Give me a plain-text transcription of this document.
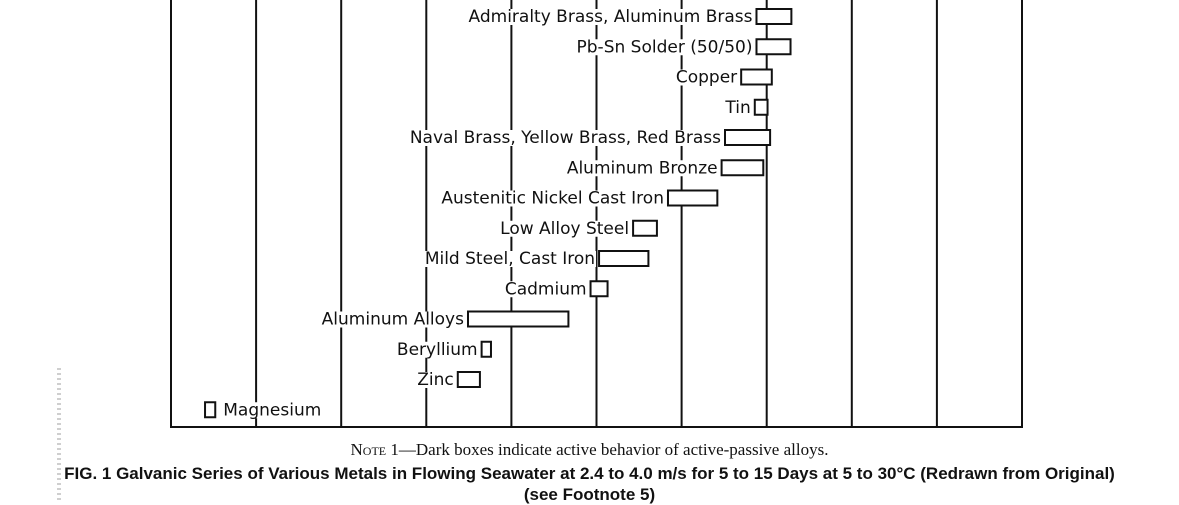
Admiralty Brass, Aluminum Brass
Pb-Sn Solder (50/50)
Copper
Tin
Naval Brass, Yellow Brass, Red Brass
Aluminum Bronze
Austenitic Nickel Cast Iron
Low Alloy Steel
Mild Steel, Cast Iron
Cadmium
Aluminum Alloys
Beryllium
Zinc
Magnesium
Note 1—Dark boxes indicate active behavior of active-passive alloys.
FIG. 1 Galvanic Series of Various Metals in Flowing Seawater at 2.4 to 4.0 m/s for 5 to 15 Days at 5 to 30°C (Redrawn from Original)
(see Footnote 5)
